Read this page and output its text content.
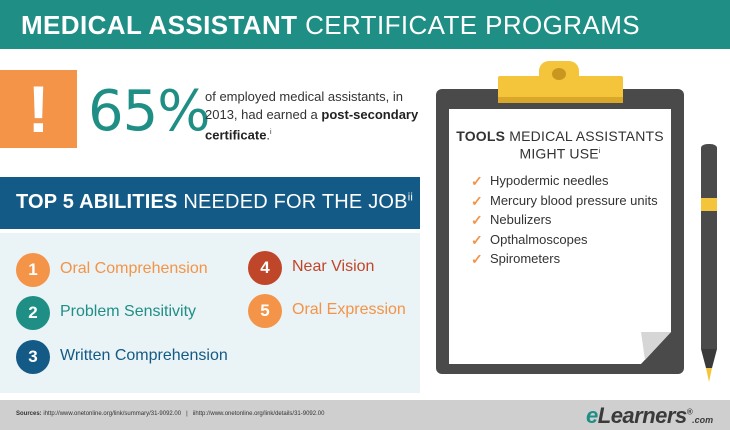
MEDICAL ASSISTANT CERTIFICATE PROGRAMS
! 65%
of employed medical assistants, in 2013, had earned a post-secondary certificate.$^i$
TOP 5 ABILITIES NEEDED FOR THE JOB$^{ii}$
1	Oral Comprehension
2	Problem Sensitivity
3	Written Comprehension
4	Near Vision
5	Oral Expression
TOOLS MEDICAL ASSISTANTS
MIGHT USE$^i$
✓ Hypodermic needles
✓ Mercury blood pressure units
✓ Nebulizers
✓ Opthalmoscopes
✓ Spirometers
Sources: ihttp://www.onetonline.org/link/summary/31-9092.00 | iihttp://www.onetonline.org/link/details/31-9092.00	eLearners®.com
